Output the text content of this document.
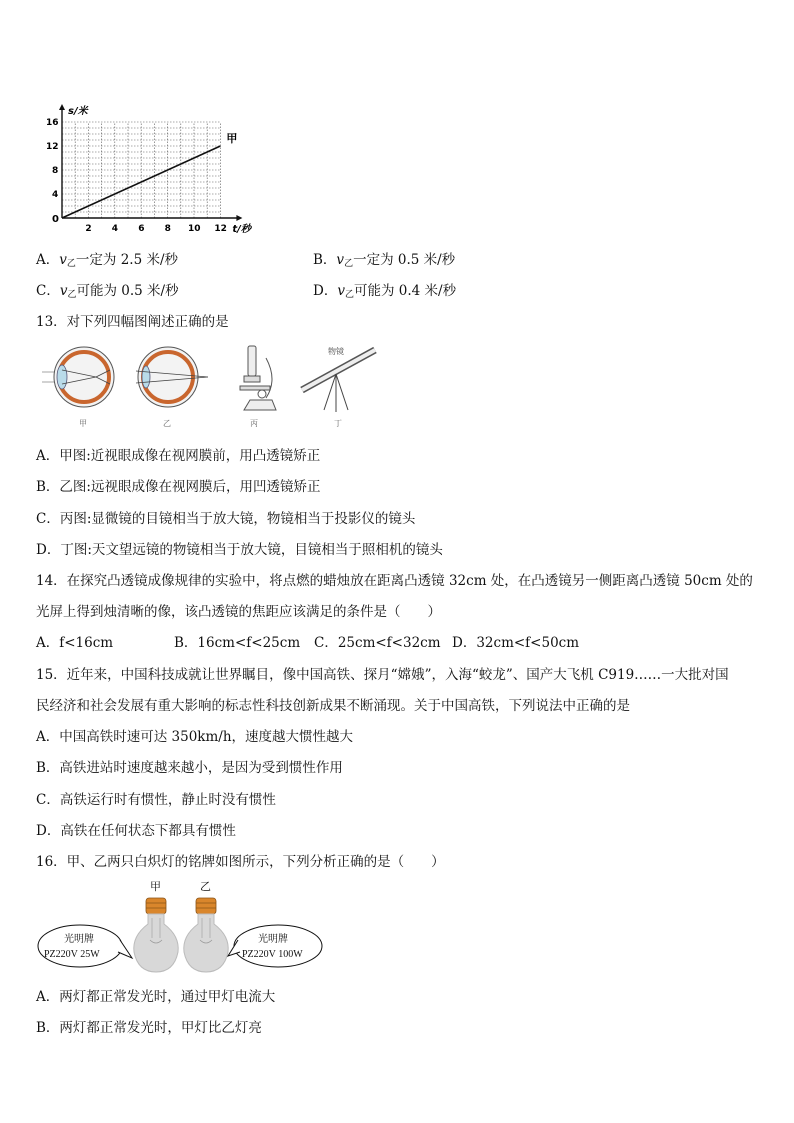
s/米
t/秒
0
2 4 6 8 10 12
4
8
12
16
甲
A．$v_乙$一定为 2.5 米/秒	B．$v_乙$一定为 0.5 米/秒
C．$v_乙$可能为 0.5 米/秒	D．$v_乙$可能为 0.4 米/秒
13．对下列四幅图阐述正确的是
甲	乙	丙
物镜
丁
A．甲图:近视眼成像在视网膜前，用凸透镜矫正
B．乙图:远视眼成像在视网膜后，用凹透镜矫正
C．丙图:显微镜的目镜相当于放大镜，物镜相当于投影仪的镜头
D．丁图:天文望远镜的物镜相当于放大镜，目镜相当于照相机的镜头
14．在探究凸透镜成像规律的实验中，将点燃的蜡烛放在距离凸透镜 32cm 处，在凸透镜另一侧距离凸透镜 50cm 处的
光屏上得到烛清晰的像，该凸透镜的焦距应该满足的条件是（　　）
A．f<16cm	B．16cm<f<25cm C．25cm<f<32cm D．32cm<f<50cm
15．近年来，中国科技成就让世界瞩目，像中国高铁、探月“嫦娥”，入海“蛟龙”、国产大飞机 C919……一大批对国
民经济和社会发展有重大影响的标志性科技创新成果不断涌现。关于中国高铁，下列说法中正确的是
A．中国高铁时速可达 350km/h，速度越大惯性越大
B．高铁进站时速度越来越小，是因为受到惯性作用
C．高铁运行时有惯性，静止时没有惯性
D．高铁在任何状态下都具有惯性
16．甲、乙两只白炽灯的铭牌如图所示，下列分析正确的是（　　）
甲	乙
光明牌
PZ220V 25W
光明牌
PZ220V 100W
A．两灯都正常发光时，通过甲灯电流大
B．两灯都正常发光时，甲灯比乙灯亮
